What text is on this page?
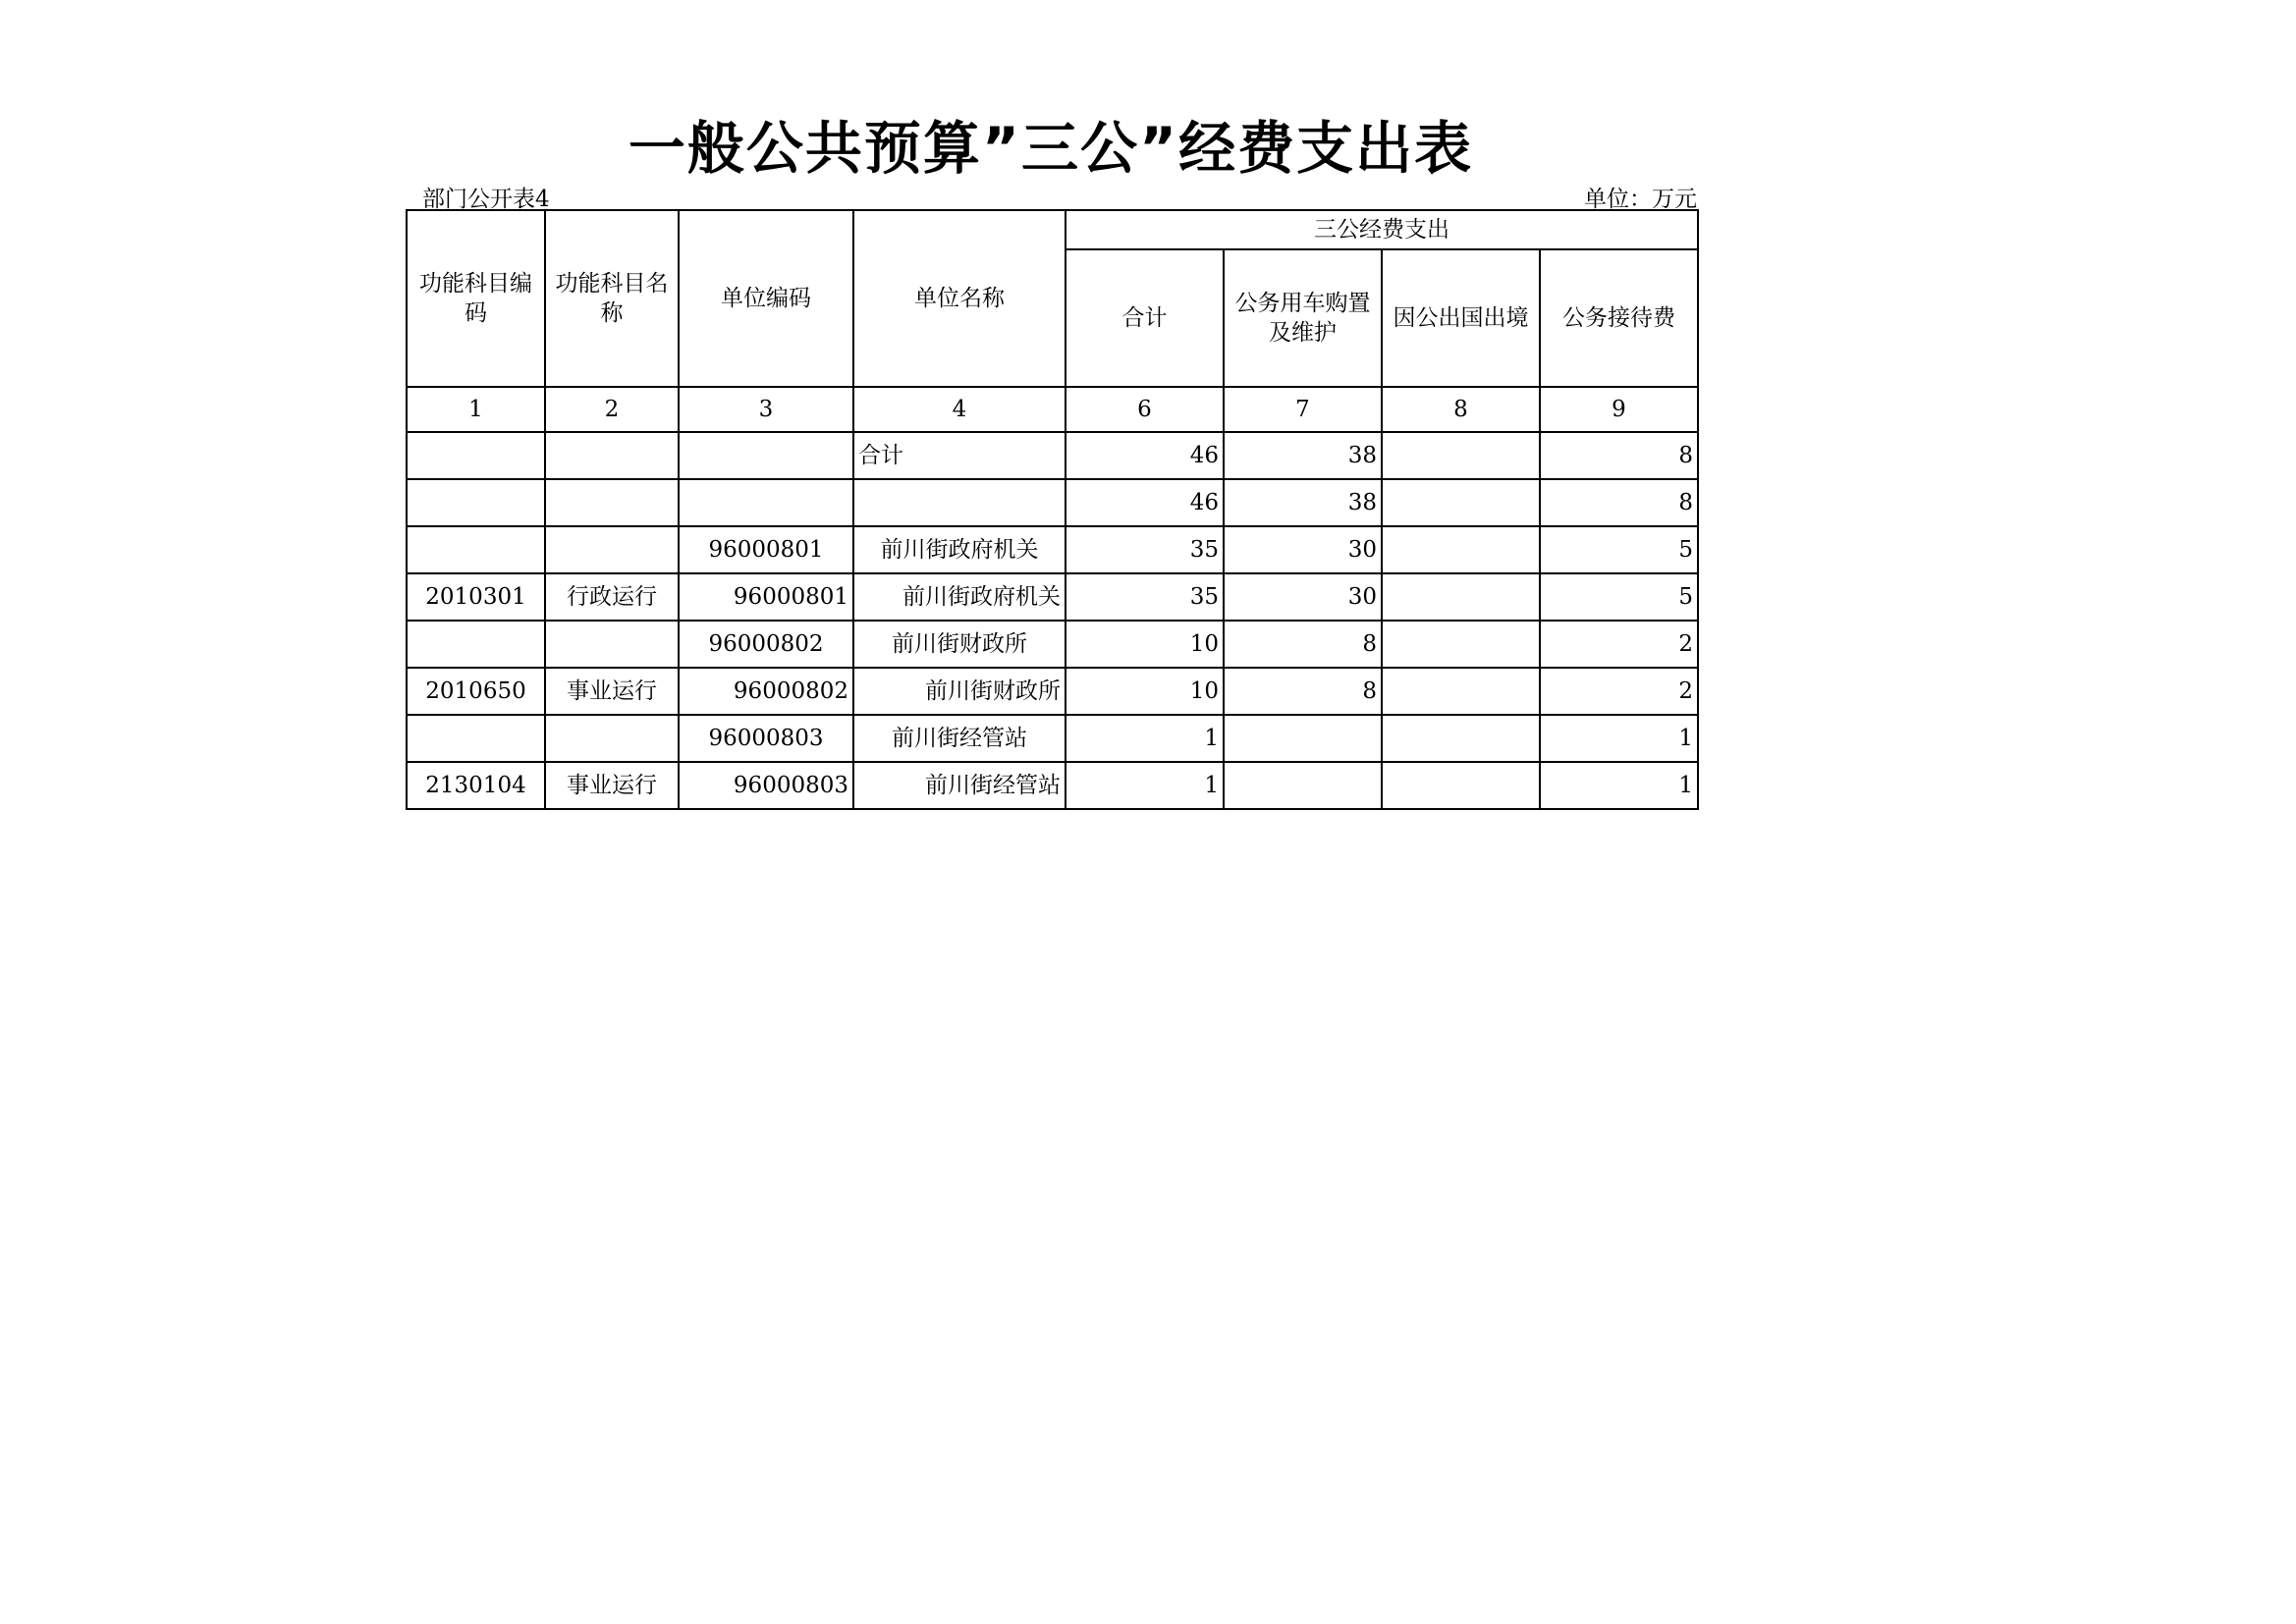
一般公共预算”三公”经费支出表
部门公开表4	单位：万元
功能科目编码	功能科目名称	单位编码	单位名称	三公经费支出			
				合计	公务用车购置及维护	因公出国出境	公务接待费
1	2	3	4	6	7	8	9
			合计	46	38		8
				46	38		8
		96000801	前川街政府机关	35	30		5
2010301	行政运行	96000801	前川街政府机关	35	30		5
		96000802	前川街财政所	10	8		2
2010650	事业运行	96000802	前川街财政所	10	8		2
		96000803	前川街经管站	1			1
2130104	事业运行	96000803	前川街经管站	1			1
